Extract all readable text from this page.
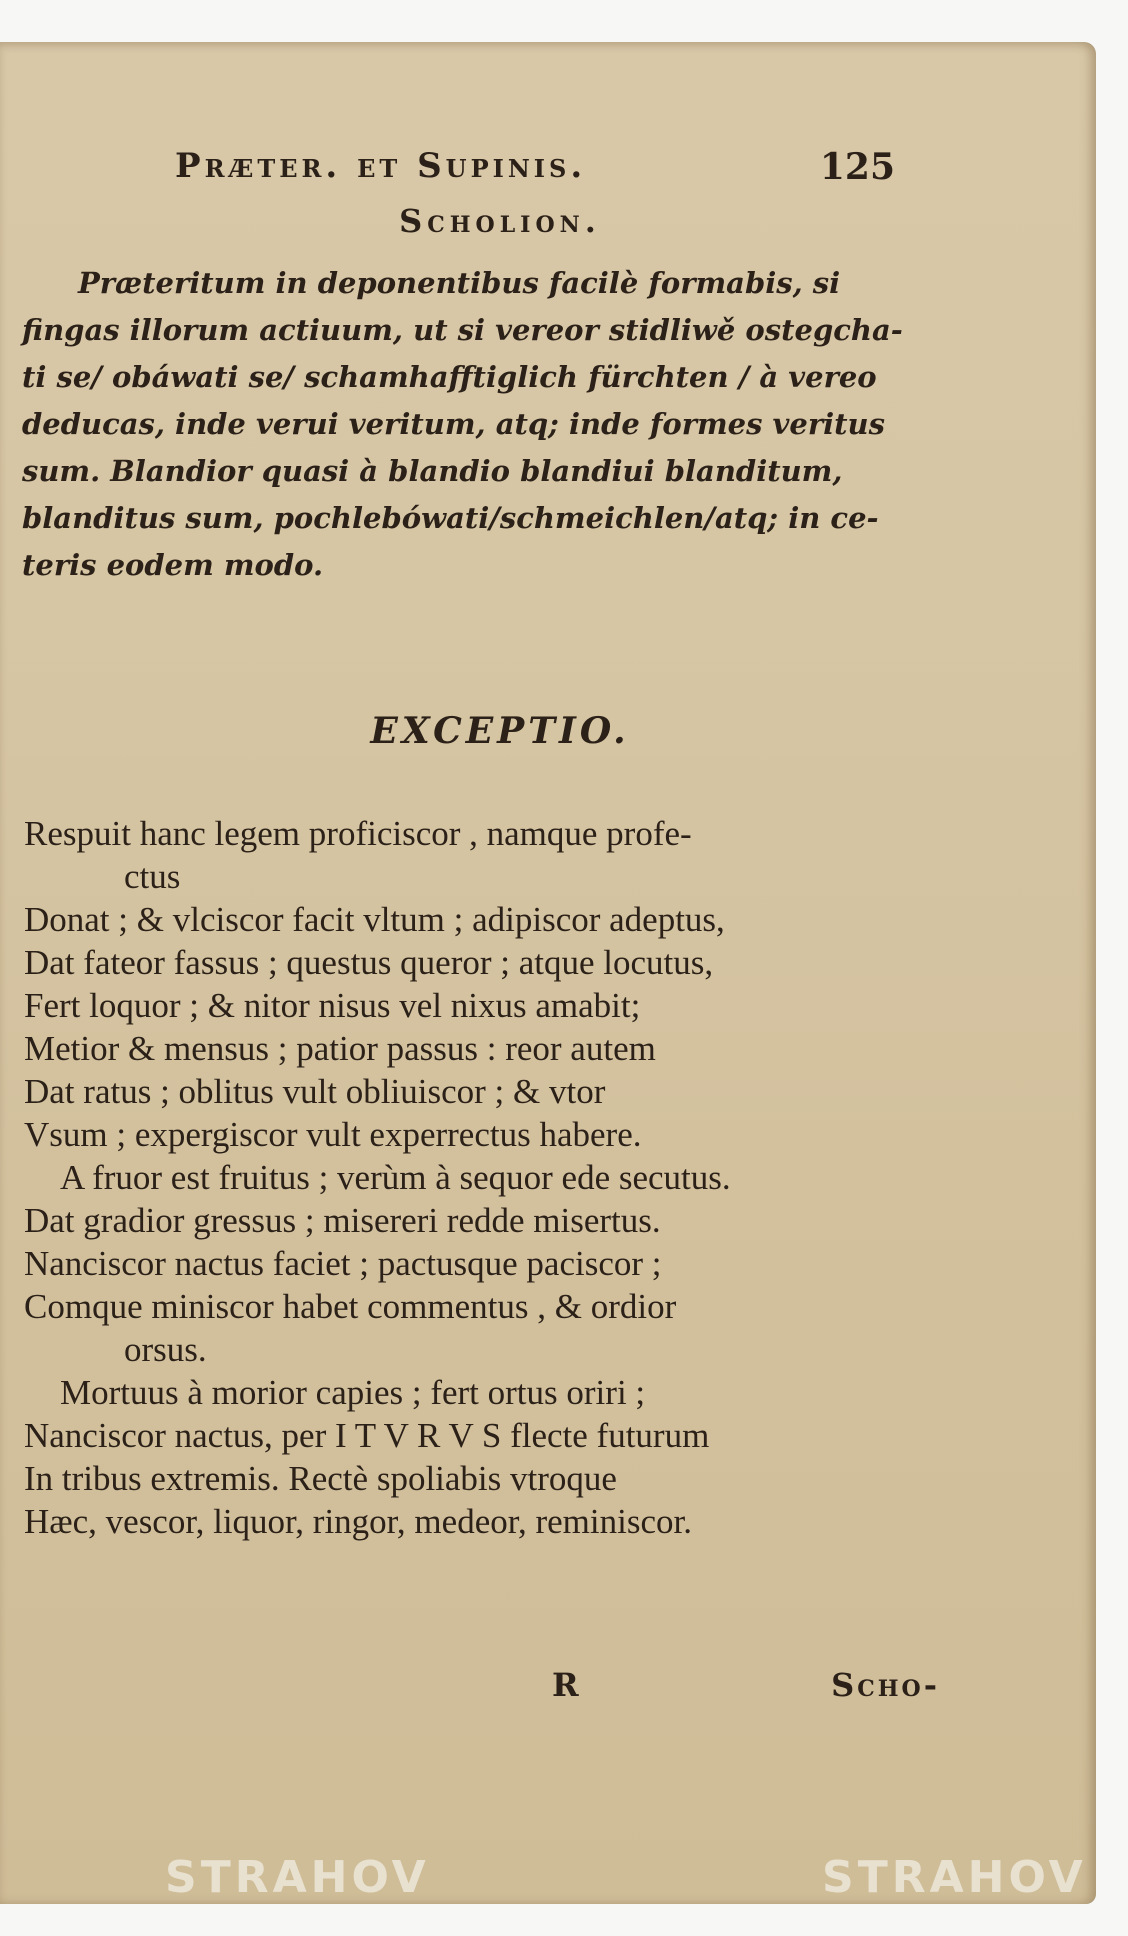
Præter. et Supinis.	125
Scholion.
Præteritum in deponentibus facilè formabis, si
fingas illorum actiuum, ut si vereor stidliwě ostegcha-
ti se/ obáwati se/ schamhafftiglich fürchten / à vereo
deducas, inde verui veritum, atq; inde formes veritus
sum. Blandior quasi à blandio blandiui blanditum,
blanditus sum, pochlebówati/schmeichlen/atq; in ce-
teris eodem modo.
EXCEPTIO.
Respuit hanc legem proficiscor , namque profe-
ctus
Donat ; & vlciscor facit vltum ; adipiscor adeptus,
Dat fateor fassus ; questus queror ; atque locutus,
Fert loquor ; & nitor nisus vel nixus amabit;
Metior & mensus ; patior passus : reor autem
Dat ratus ; oblitus vult obliuiscor ; & vtor
Vsum ; expergiscor vult experrectus habere.
A fruor est fruitus ; verùm à sequor ede secutus.
Dat gradior gressus ; misereri redde misertus.
Nanciscor nactus faciet ; pactusque paciscor ;
Comque miniscor habet commentus , & ordior
orsus.
Mortuus à morior capies ; fert ortus oriri ;
Nanciscor nactus, per I T V R V S flecte futurum
In tribus extremis. Rectè spoliabis vtroque
Hæc, vescor, liquor, ringor, medeor, reminiscor.
R	Scho-
STRAHOV	STRAHOV
